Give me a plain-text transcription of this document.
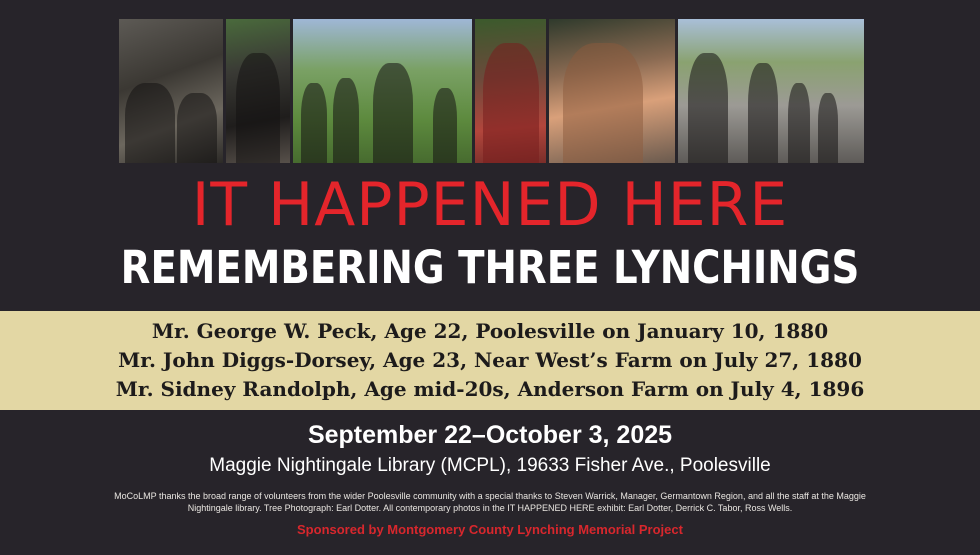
IT HAPPENED HERE
REMEMBERING THREE LYNCHINGS
Mr. George W. Peck, Age 22, Poolesville on January 10, 1880
Mr. John Diggs-Dorsey, Age 23, Near West’s Farm on July 27, 1880
Mr. Sidney Randolph, Age mid-20s, Anderson Farm on July 4, 1896
September 22–October 3, 2025
Maggie Nightingale Library (MCPL), 19633 Fisher Ave., Poolesville
MoCoLMP thanks the broad range of volunteers from the wider Poolesville community with a special thanks to Steven Warrick, Manager, Germantown Region, and all the staff at the Maggie Nightingale library. Tree Photograph: Earl Dotter. All contemporary photos in the IT HAPPENED HERE exhibit: Earl Dotter, Derrick C. Tabor, Ross Wells.
Sponsored by Montgomery County Lynching Memorial Project
